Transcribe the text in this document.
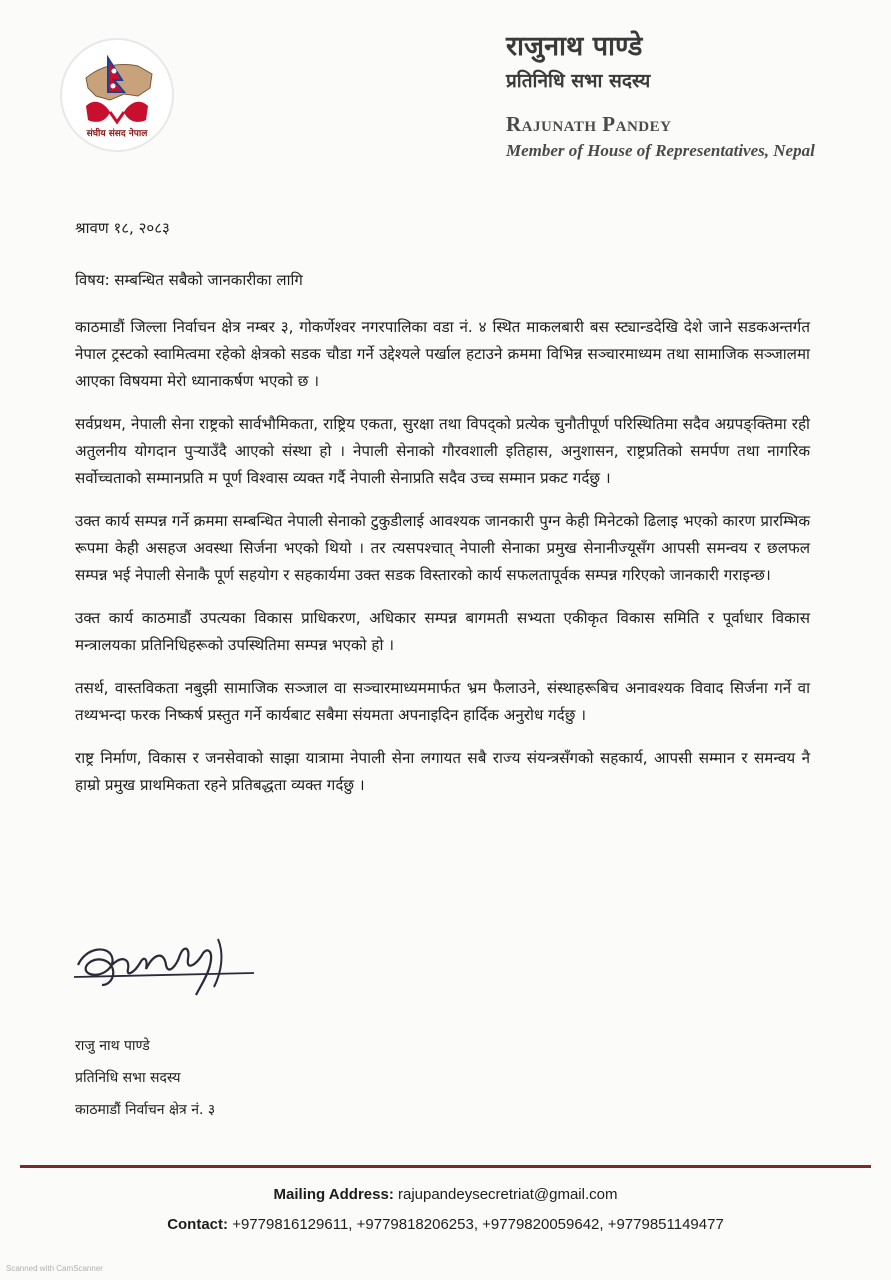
संघीय संसद नेपाल
राजुनाथ पाण्डे
प्रतिनिधि सभा सदस्य
Rajunath Pandey
Member of House of Representatives, Nepal
श्रावण १८, २०८३
विषय: सम्बन्धित सबैको जानकारीका लागि

काठमाडौं जिल्ला निर्वाचन क्षेत्र नम्बर ३, गोकर्णेश्वर नगरपालिका वडा नं. ४ स्थित माकलबारी बस स्ट्यान्डदेखि देशे जाने सडकअन्तर्गत नेपाल ट्रस्टको स्वामित्वमा रहेको क्षेत्रको सडक चौडा गर्ने उद्देश्यले पर्खाल हटाउने क्रममा विभिन्न सञ्चारमाध्यम तथा सामाजिक सञ्जालमा आएका विषयमा मेरो ध्यानाकर्षण भएको छ ।

सर्वप्रथम, नेपाली सेना राष्ट्रको सार्वभौमिकता, राष्ट्रिय एकता, सुरक्षा तथा विपद्को प्रत्येक चुनौतीपूर्ण परिस्थितिमा सदैव अग्रपङ्क्तिमा रही अतुलनीय योगदान पुऱ्याउँदै आएको संस्था हो । नेपाली सेनाको गौरवशाली इतिहास, अनुशासन, राष्ट्रप्रतिको समर्पण तथा नागरिक सर्वोच्चताको सम्मानप्रति म पूर्ण विश्वास व्यक्त गर्दै नेपाली सेनाप्रति सदैव उच्च सम्मान प्रकट गर्दछु ।

उक्त कार्य सम्पन्न गर्ने क्रममा सम्बन्धित नेपाली सेनाको टुकुडीलाई आवश्यक जानकारी पुग्न केही मिनेटको ढिलाइ भएको कारण प्रारम्भिक रूपमा केही असहज अवस्था सिर्जना भएको थियो । तर त्यसपश्चात् नेपाली सेनाका प्रमुख सेनानीज्यूसँग आपसी समन्वय र छलफल सम्पन्न भई नेपाली सेनाकै पूर्ण सहयोग र सहकार्यमा उक्त सडक विस्तारको कार्य सफलतापूर्वक सम्पन्न गरिएको जानकारी गराइन्छ।

उक्त कार्य काठमाडौं उपत्यका विकास प्राधिकरण, अधिकार सम्पन्न बागमती सभ्यता एकीकृत विकास समिति र पूर्वाधार विकास मन्त्रालयका प्रतिनिधिहरूको उपस्थितिमा सम्पन्न भएको हो ।

तसर्थ, वास्तविकता नबुझी सामाजिक सञ्जाल वा सञ्चारमाध्यममार्फत भ्रम फैलाउने, संस्थाहरूबिच अनावश्यक विवाद सिर्जना गर्ने वा तथ्यभन्दा फरक निष्कर्ष प्रस्तुत गर्ने कार्यबाट सबैमा संयमता अपनाइदिन हार्दिक अनुरोध गर्दछु ।

राष्ट्र निर्माण, विकास र जनसेवाको साझा यात्रामा नेपाली सेना लगायत सबै राज्य संयन्त्रसँगको सहकार्य, आपसी सम्मान र समन्वय नै हाम्रो प्रमुख प्राथमिकता रहने प्रतिबद्धता व्यक्त गर्दछु ।

राजु नाथ पाण्डे
प्रतिनिधि सभा सदस्य
काठमाडौं निर्वाचन क्षेत्र नं. ३
Mailing Address: rajupandeysecretriat@gmail.com
Contact: +9779816129611, +9779818206253, +9779820059642, +9779851149477
Scanned with CamScanner
